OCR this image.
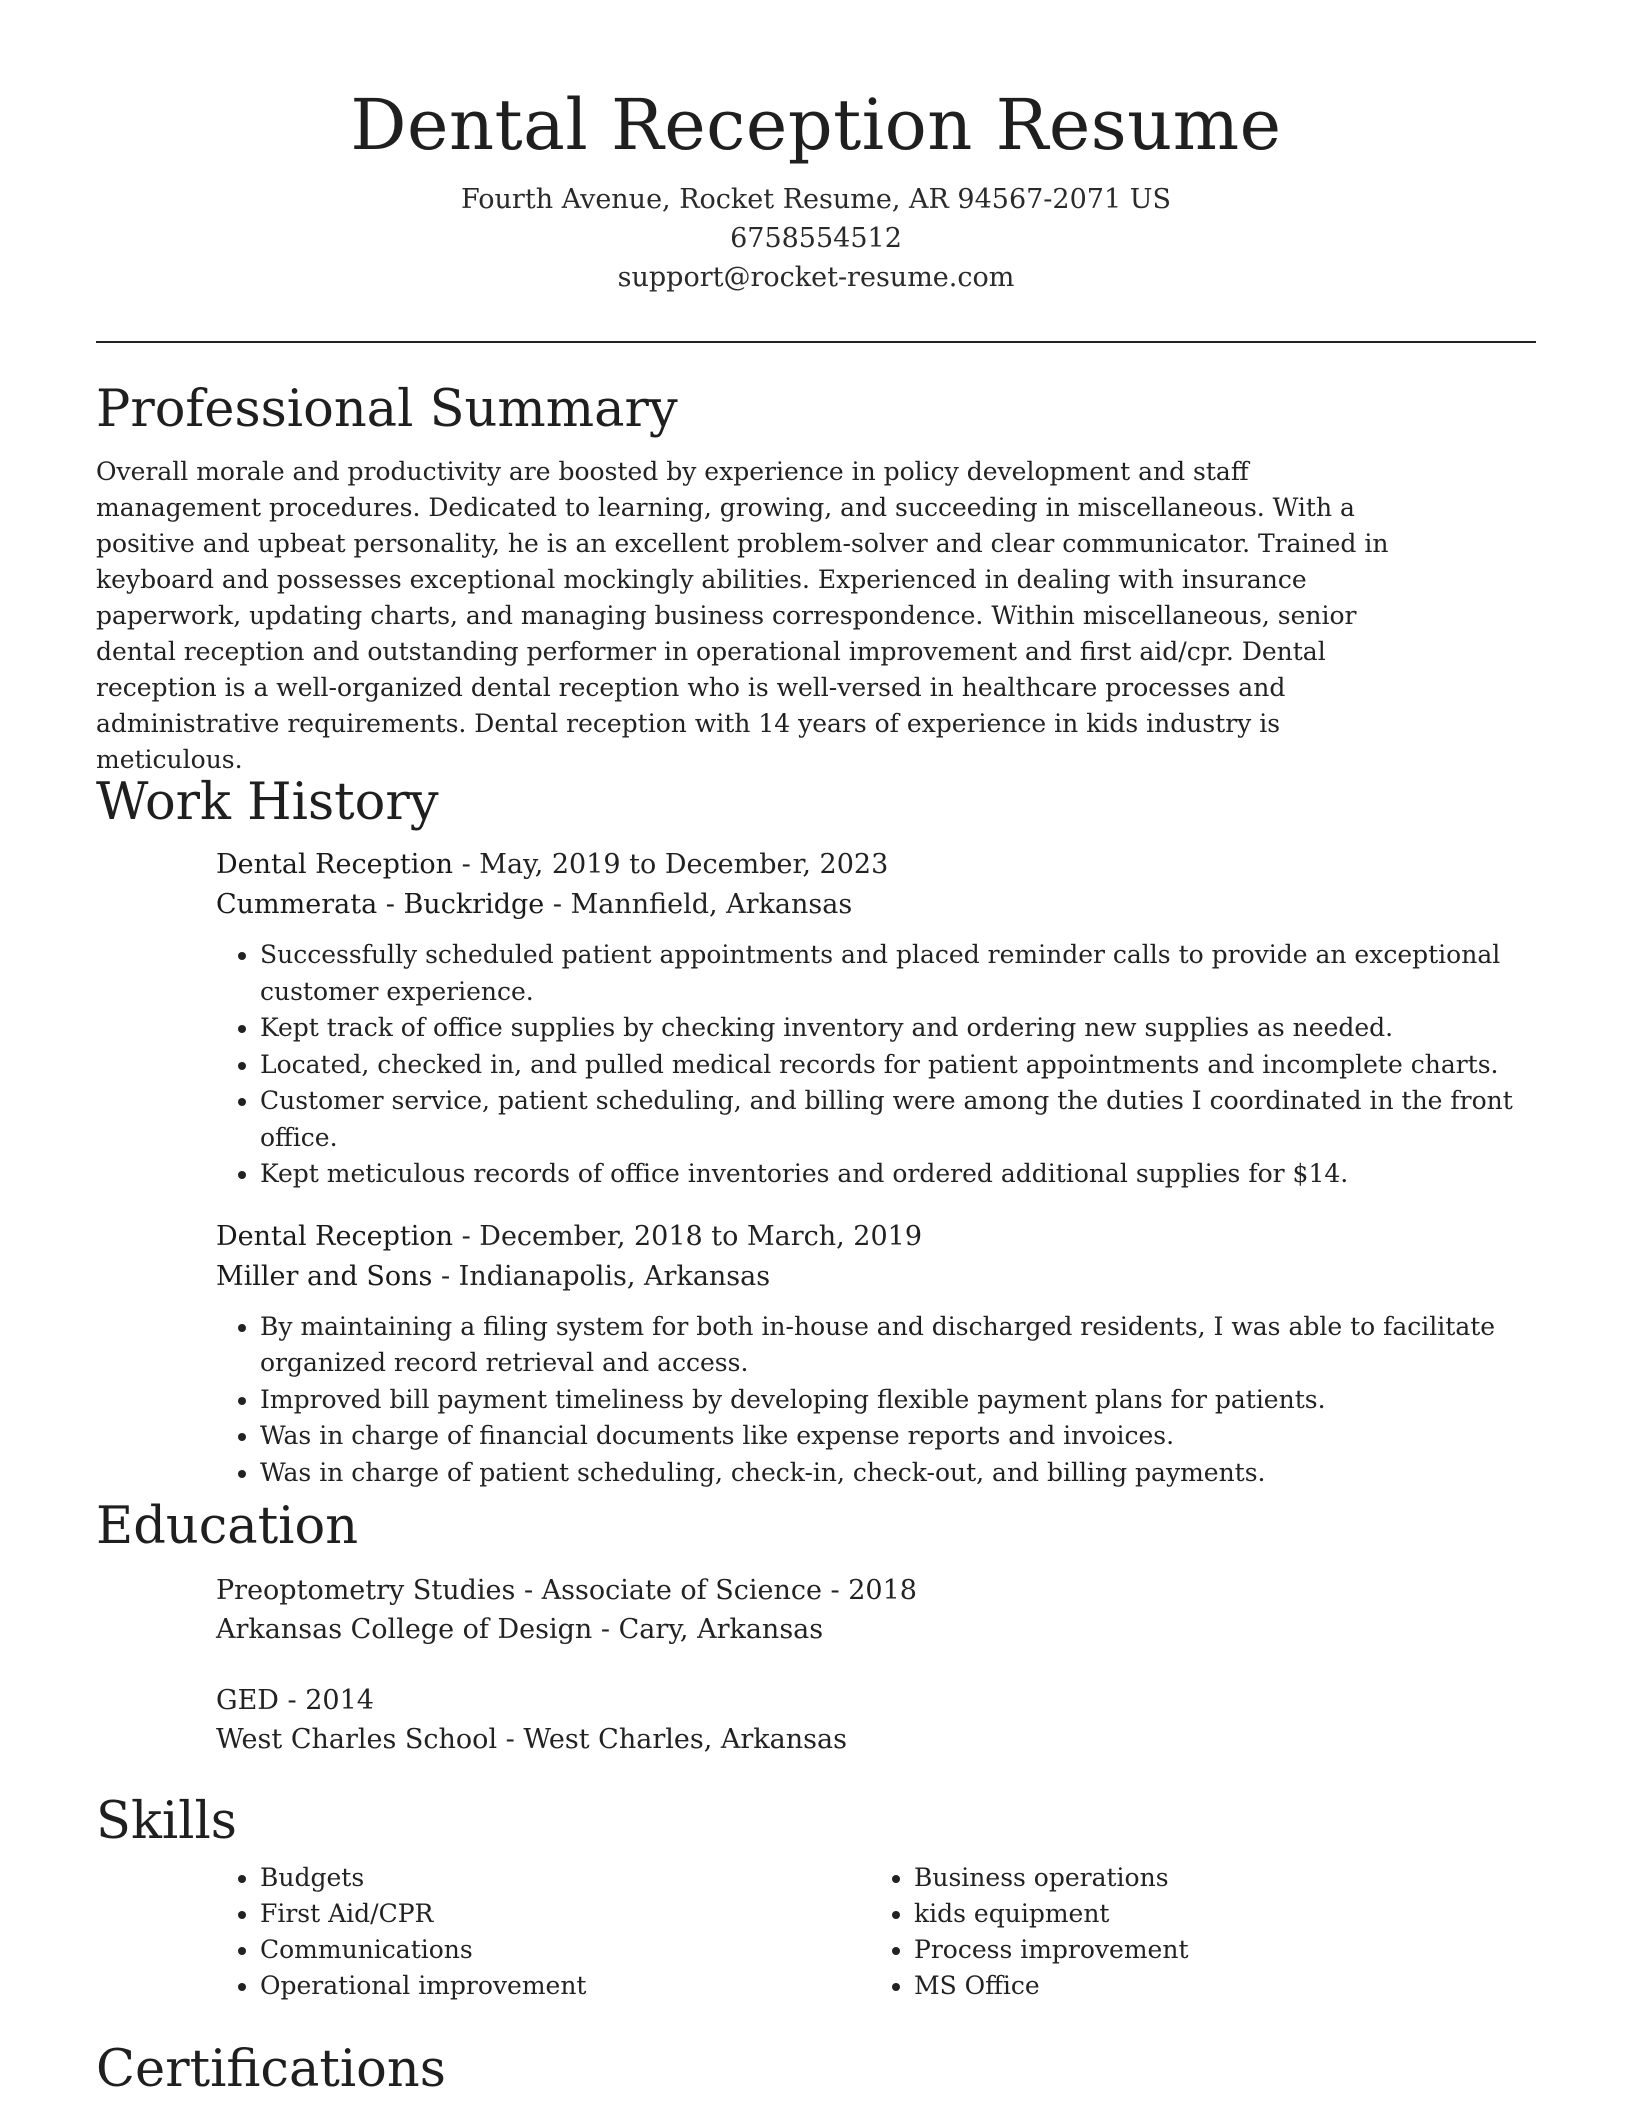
Dental Reception Resume
Fourth Avenue, Rocket Resume, AR 94567-2071 US
6758554512
support@rocket-resume.com
Professional Summary

Overall morale and productivity are boosted by experience in policy development and staff management procedures. Dedicated to learning, growing, and succeeding in miscellaneous. With a positive and upbeat personality, he is an excellent problem-solver and clear communicator. Trained in keyboard and possesses exceptional mockingly abilities. Experienced in dealing with insurance paperwork, updating charts, and managing business correspondence. Within miscellaneous, senior dental reception and outstanding performer in operational improvement and first aid/cpr. Dental reception is a well-organized dental reception who is well-versed in healthcare processes and administrative requirements. Dental reception with 14 years of experience in kids industry is meticulous.

Work History
Dental Reception - May, 2019 to December, 2023
Cummerata - Buckridge - Mannfield, Arkansas
• Successfully scheduled patient appointments and placed reminder calls to provide an exceptional customer experience.
• Kept track of office supplies by checking inventory and ordering new supplies as needed.
• Located, checked in, and pulled medical records for patient appointments and incomplete charts.
• Customer service, patient scheduling, and billing were among the duties I coordinated in the front office.
• Kept meticulous records of office inventories and ordered additional supplies for $14.
Dental Reception - December, 2018 to March, 2019
Miller and Sons - Indianapolis, Arkansas
• By maintaining a filing system for both in-house and discharged residents, I was able to facilitate organized record retrieval and access.
• Improved bill payment timeliness by developing flexible payment plans for patients.
• Was in charge of financial documents like expense reports and invoices.
• Was in charge of patient scheduling, check-in, check-out, and billing payments.
Education
Preoptometry Studies - Associate of Science - 2018
Arkansas College of Design - Cary, Arkansas
GED - 2014
West Charles School - West Charles, Arkansas
Skills
• Budgets
• First Aid/CPR
• Communications
• Operational improvement
• Business operations
• kids equipment
• Process improvement
• MS Office
Certifications
